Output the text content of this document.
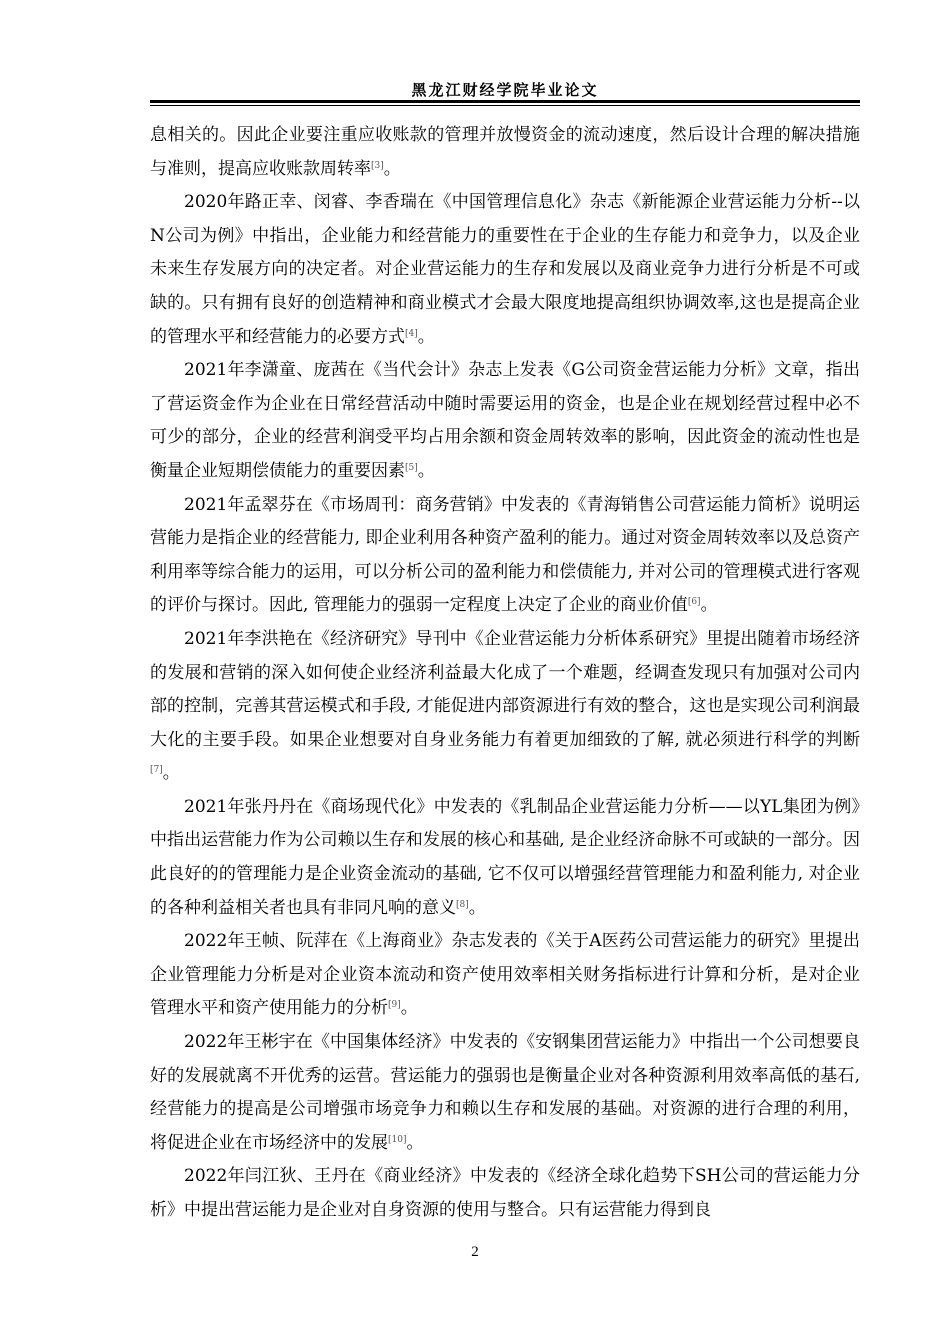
黑龙江财经学院毕业论文

息相关的。因此企业要注重应收账款的管理并放慢资金的流动速度，然后设计合理的解决措施与准则，提高应收账款周转率[3]。

2020年路正幸、闵睿、李香瑞在《中国管理信息化》杂志《新能源企业营运能力分析--以N公司为例》中指出，企业能力和经营能力的重要性在于企业的生存能力和竞争力，以及企业未来生存发展方向的决定者。对企业营运能力的生存和发展以及商业竞争力进行分析是不可或缺的。只有拥有良好的创造精神和商业模式才会最大限度地提高组织协调效率,这也是提高企业的管理水平和经营能力的必要方式[4]。

2021年李潇童、庞茜在《当代会计》杂志上发表《G公司资金营运能力分析》文章，指出了营运资金作为企业在日常经营活动中随时需要运用的资金，也是企业在规划经营过程中必不可少的部分，企业的经营利润受平均占用余额和资金周转效率的影响，因此资金的流动性也是衡量企业短期偿债能力的重要因素[5]。

2021年孟翠芬在《市场周刊：商务营销》中发表的《青海销售公司营运能力简析》说明运营能力是指企业的经营能力, 即企业利用各种资产盈利的能力。通过对资金周转效率以及总资产利用率等综合能力的运用，可以分析公司的盈利能力和偿债能力, 并对公司的管理模式进行客观的评价与探讨。因此, 管理能力的强弱一定程度上决定了企业的商业价值[6]。

2021年李洪艳在《经济研究》导刊中《企业营运能力分析体系研究》里提出随着市场经济的发展和营销的深入如何使企业经济利益最大化成了一个难题，经调查发现只有加强对公司内部的控制，完善其营运模式和手段, 才能促进内部资源进行有效的整合，这也是实现公司利润最大化的主要手段。如果企业想要对自身业务能力有着更加细致的了解, 就必须进行科学的判断[7]。

2021年张丹丹在《商场现代化》中发表的《乳制品企业营运能力分析——以YL集团为例》中指出运营能力作为公司赖以生存和发展的核心和基础, 是企业经济命脉不可或缺的一部分。因此良好的的管理能力是企业资金流动的基础, 它不仅可以增强经营管理能力和盈利能力, 对企业的各种利益相关者也具有非同凡响的意义[8]。

2022年王帧、阮萍在《上海商业》杂志发表的《关于A医药公司营运能力的研究》里提出企业管理能力分析是对企业资本流动和资产使用效率相关财务指标进行计算和分析，是对企业管理水平和资产使用能力的分析[9]。

2022年王彬宇在《中国集体经济》中发表的《安钢集团营运能力》中指出一个公司想要良好的发展就离不开优秀的运营。营运能力的强弱也是衡量企业对各种资源利用效率高低的基石,经营能力的提高是公司增强市场竞争力和赖以生存和发展的基础。对资源的进行合理的利用，将促进企业在市场经济中的发展[10]。

2022年闫江狄、王丹在《商业经济》中发表的《经济全球化趋势下SH公司的营运能力分析》中提出营运能力是企业对自身资源的使用与整合。只有运营能力得到良

2
